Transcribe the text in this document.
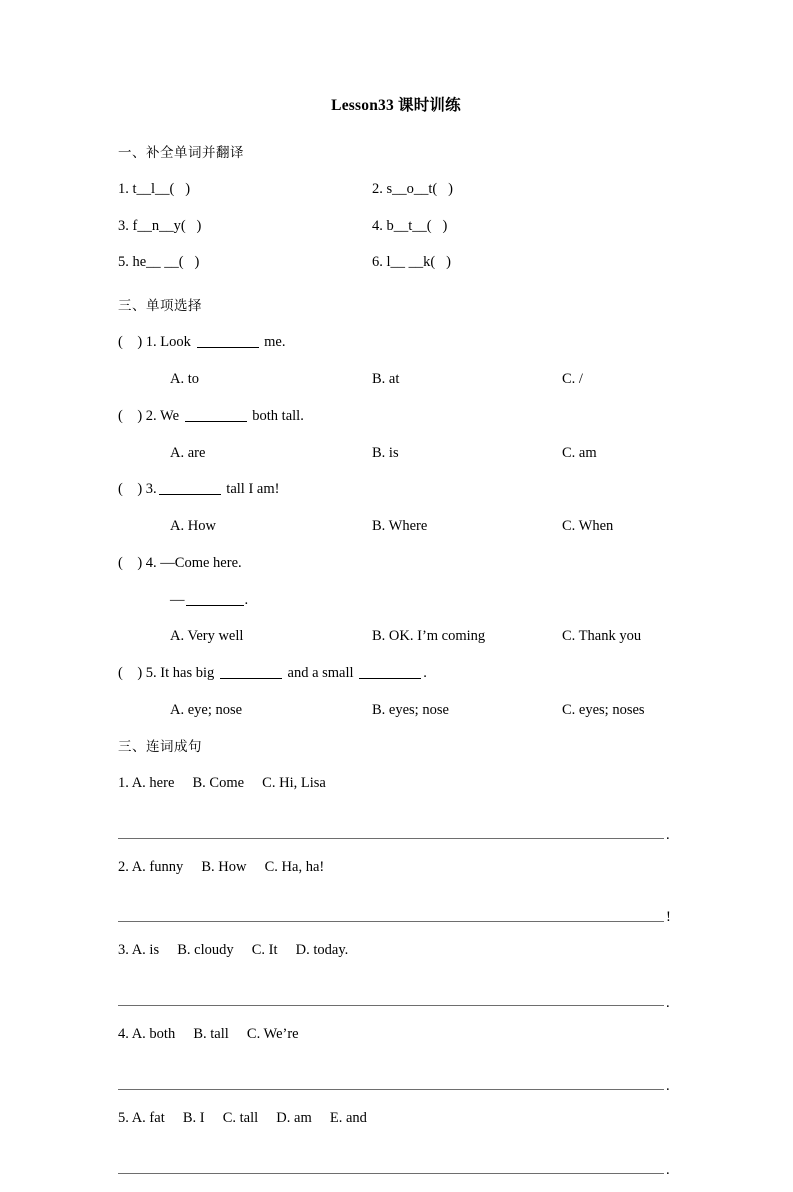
Lesson33 课时训练
一、补全单词并翻译
1. t__l__(   )	2. s__o__t(   )
3. f__n__y(   )	4. b__t__(   )
5. he__ __(   )	6. l__ __k(   )
三、单项选择
(    ) 1. Look	me.
A. to	B. at	C. /
(    ) 2. We	both tall.
A. are	B. is	C. am
(    ) 3.	tall I am!
A. How	B. Where	C. When
(    ) 4. —Come here.
—	.
A. Very well	B. OK. I’m coming	C. Thank you
(    ) 5. It has big	and a small	.
A. eye; nose	B. eyes; nose	C. eyes; noses
三、连词成句
1. A. here     B. Come     C. Hi, Lisa
.
2. A. funny     B. How     C. Ha, ha!
!
3. A. is     B. cloudy     C. It     D. today.
.
4. A. both     B. tall     C. We’re
.
5. A. fat     B. I     C. tall     D. am     E. and
.
